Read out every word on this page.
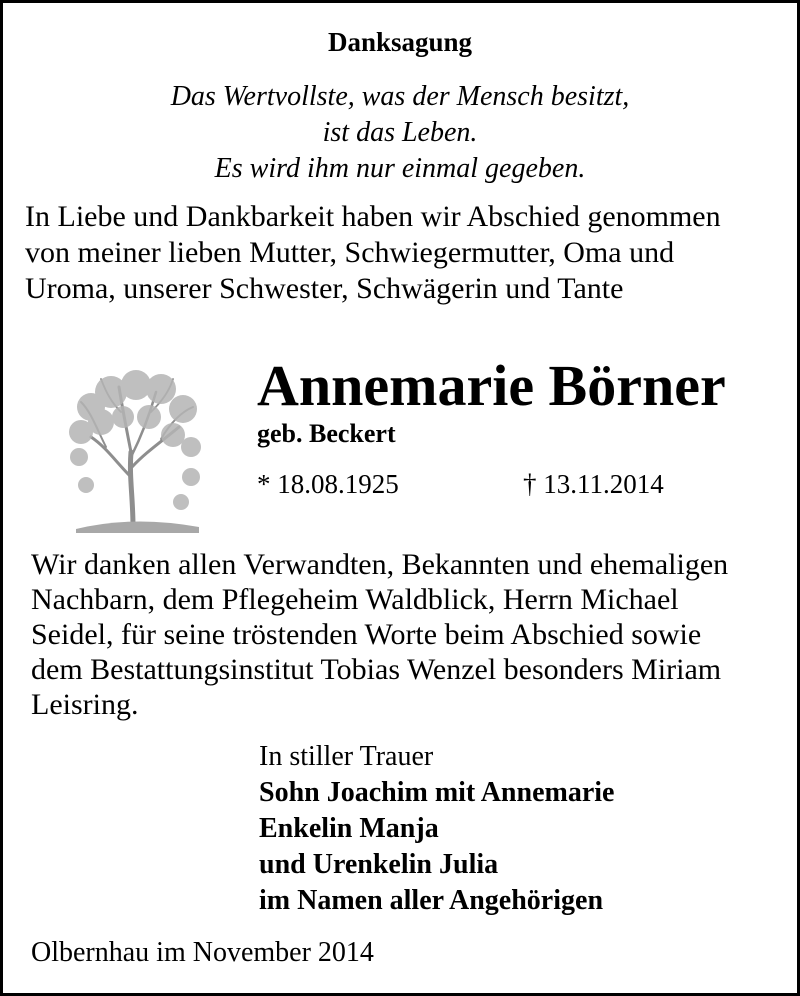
Danksagung
Das Wertvollste, was der Mensch besitzt,
ist das Leben.
Es wird ihm nur einmal gegeben.
In Liebe und Dankbarkeit haben wir Abschied genommen
von meiner lieben Mutter, Schwiegermutter, Oma und
Uroma, unserer Schwester, Schwägerin und Tante
Annemarie Börner
geb. Beckert
* 18.08.1925	† 13.11.2014
Wir danken allen Verwandten, Bekannten und ehemaligen
Nachbarn, dem Pflegeheim Waldblick, Herrn Michael
Seidel, für seine tröstenden Worte beim Abschied sowie
dem Bestattungsinstitut Tobias Wenzel besonders Miriam
Leisring.
In stiller Trauer
Sohn Joachim mit Annemarie
Enkelin Manja
und Urenkelin Julia
im Namen aller Angehörigen
Olbernhau im November 2014
